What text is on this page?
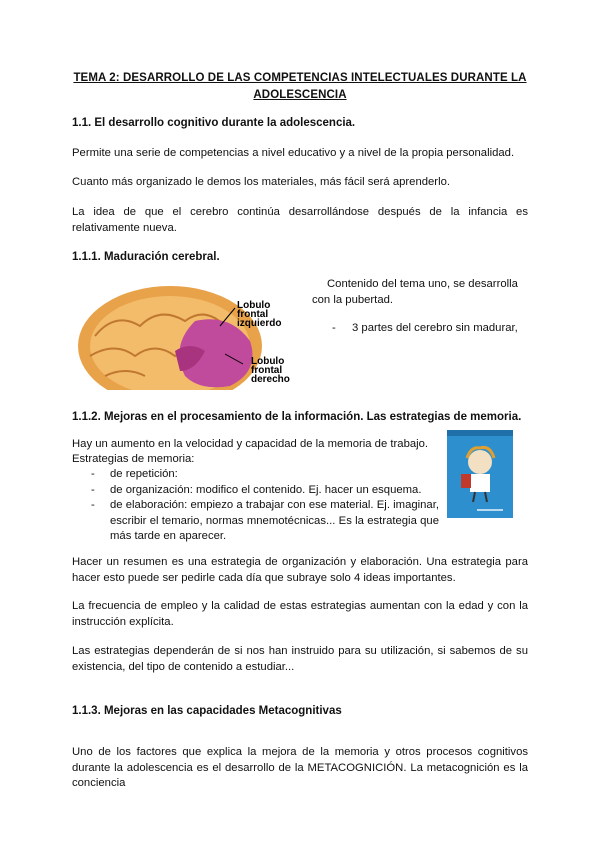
TEMA 2: DESARROLLO DE LAS COMPETENCIAS INTELECTUALES DURANTE LA ADOLESCENCIA
1.1. El desarrollo cognitivo durante la adolescencia.
Permite una serie de competencias a nivel educativo y a nivel de la propia personalidad.
Cuanto más organizado le demos los materiales, más fácil será aprenderlo.
La idea de que el cerebro continúa desarrollándose después de la infancia es relativamente nueva.
1.1.1. Maduración cerebral.
Lobulo
frontal
izquierdo
Lobulo
frontal
derecho
Contenido del tema uno, se desarrolla con la pubertad.
- 3 partes del cerebro sin madurar,
1.1.2. Mejoras en el procesamiento de la información. Las estrategias de memoria.
Hay un aumento en la velocidad y capacidad de la memoria de trabajo.
Estrategias de memoria:
- de repetición:
- de organización: modifico el contenido. Ej. hacer un esquema.
- de elaboración: empiezo a trabajar con ese material. Ej. imaginar, escribir el temario, normas mnemotécnicas... Es la estrategia que más tarde en aparecer.
Hacer un resumen es una estrategia de organización y elaboración. Una estrategia para hacer esto puede ser pedirle cada día que subraye solo 4 ideas importantes.
La frecuencia de empleo y la calidad de estas estrategias aumentan con la edad y con la instrucción explícita.
Las estrategias dependerán de si nos han instruido para su utilización, si sabemos de su existencia, del tipo de contenido a estudiar...
1.1.3. Mejoras en las capacidades Metacognitivas
Uno de los factores que explica la mejora de la memoria y otros procesos cognitivos durante la adolescencia es el desarrollo de la METACOGNICIÓN. La metacognición es la conciencia
